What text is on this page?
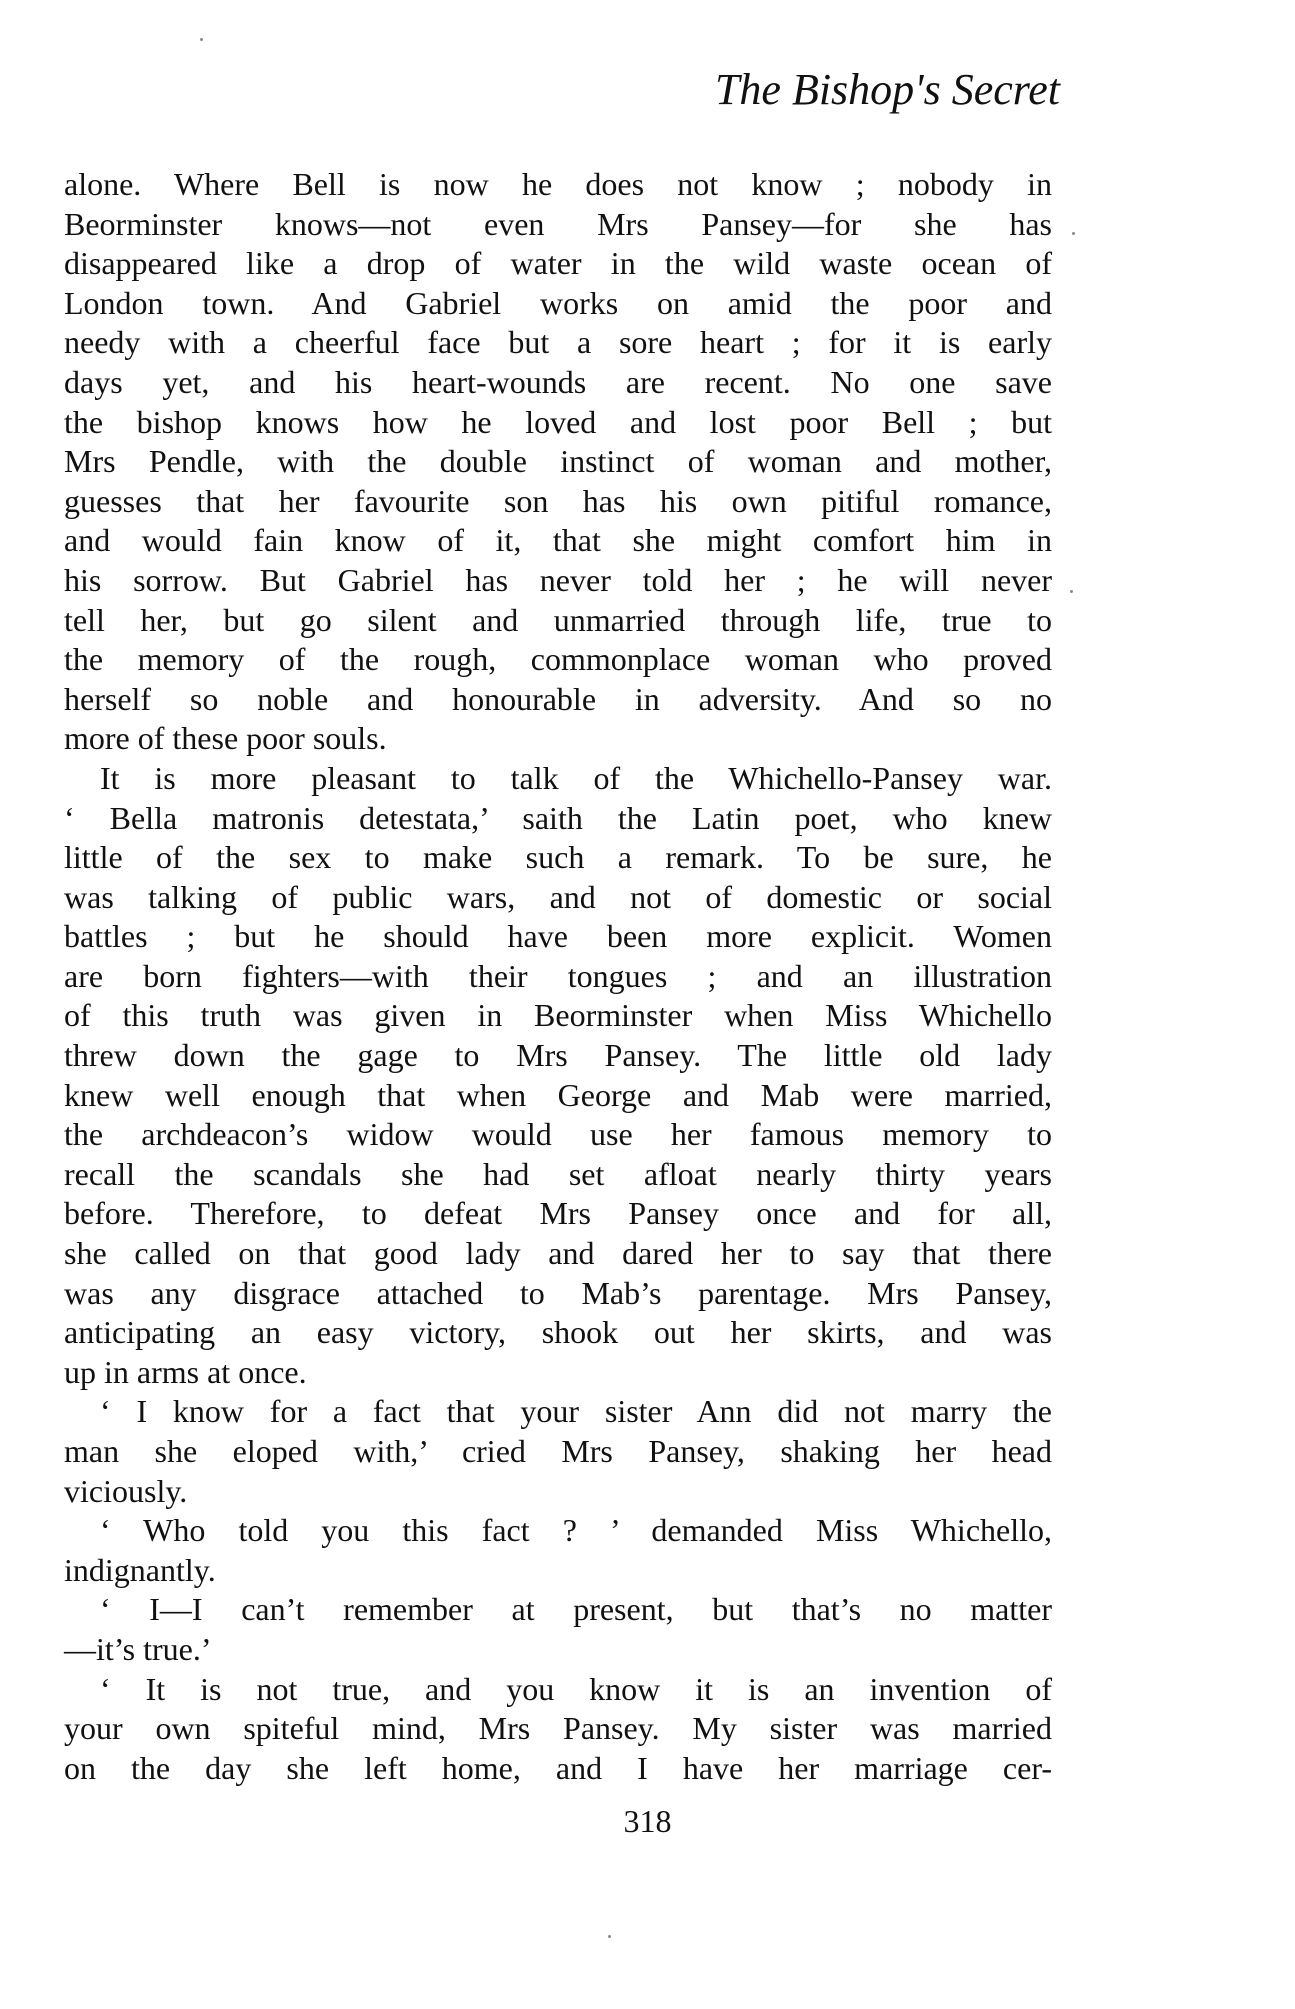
The Bishop's Secret
alone. Where Bell is now he does not know ; nobody in
Beorminster knows—not even Mrs Pansey—for she has
disappeared like a drop of water in the wild waste ocean of
London town. And Gabriel works on amid the poor and
needy with a cheerful face but a sore heart ; for it is early
days yet, and his heart-wounds are recent. No one save
the bishop knows how he loved and lost poor Bell ; but
Mrs Pendle, with the double instinct of woman and mother,
guesses that her favourite son has his own pitiful romance,
and would fain know of it, that she might comfort him in
his sorrow. But Gabriel has never told her ; he will never
tell her, but go silent and unmarried through life, true to
the memory of the rough, commonplace woman who proved
herself so noble and honourable in adversity. And so no
more of these poor souls.
It is more pleasant to talk of the Whichello-Pansey war.
‘ Bella matronis detestata,’ saith the Latin poet, who knew
little of the sex to make such a remark. To be sure, he
was talking of public wars, and not of domestic or social
battles ; but he should have been more explicit. Women
are born fighters—with their tongues ; and an illustration
of this truth was given in Beorminster when Miss Whichello
threw down the gage to Mrs Pansey. The little old lady
knew well enough that when George and Mab were married,
the archdeacon’s widow would use her famous memory to
recall the scandals she had set afloat nearly thirty years
before. Therefore, to defeat Mrs Pansey once and for all,
she called on that good lady and dared her to say that there
was any disgrace attached to Mab’s parentage. Mrs Pansey,
anticipating an easy victory, shook out her skirts, and was
up in arms at once.
‘ I know for a fact that your sister Ann did not marry the
man she eloped with,’ cried Mrs Pansey, shaking her head
viciously.
‘ Who told you this fact ? ’ demanded Miss Whichello,
indignantly.
‘ I—I can’t remember at present, but that’s no matter
—it’s true.’
‘ It is not true, and you know it is an invention of
your own spiteful mind, Mrs Pansey. My sister was married
on the day she left home, and I have her marriage cer-
318
